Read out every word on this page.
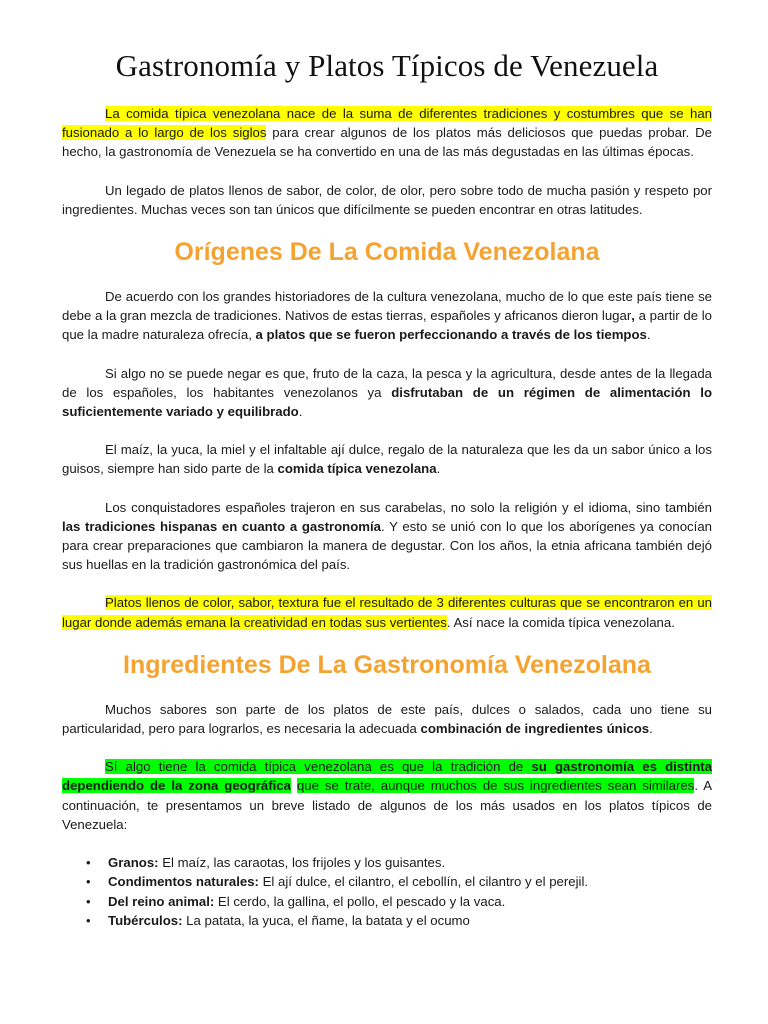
Gastronomía y Platos Típicos de Venezuela

La comida típica venezolana nace de la suma de diferentes tradiciones y costumbres que se han fusionado a lo largo de los siglos para crear algunos de los platos más deliciosos que puedas probar. De hecho, la gastronomía de Venezuela se ha convertido en una de las más degustadas en las últimas épocas.

Un legado de platos llenos de sabor, de color, de olor, pero sobre todo de mucha pasión y respeto por ingredientes. Muchas veces son tan únicos que difícilmente se pueden encontrar en otras latitudes.

Orígenes De La Comida Venezolana

De acuerdo con los grandes historiadores de la cultura venezolana, mucho de lo que este país tiene se debe a la gran mezcla de tradiciones. Nativos de estas tierras, españoles y africanos dieron lugar, a partir de lo que la madre naturaleza ofrecía, a platos que se fueron perfeccionando a través de los tiempos.

Si algo no se puede negar es que, fruto de la caza, la pesca y la agricultura, desde antes de la llegada de los españoles, los habitantes venezolanos ya disfrutaban de un régimen de alimentación lo suficientemente variado y equilibrado.

El maíz, la yuca, la miel y el infaltable ají dulce, regalo de la naturaleza que les da un sabor único a los guisos, siempre han sido parte de la comida típica venezolana.

Los conquistadores españoles trajeron en sus carabelas, no solo la religión y el idioma, sino también las tradiciones hispanas en cuanto a gastronomía. Y esto se unió con lo que los aborígenes ya conocían para crear preparaciones que cambiaron la manera de degustar. Con los años, la etnia africana también dejó sus huellas en la tradición gastronómica del país.

Platos llenos de color, sabor, textura fue el resultado de 3 diferentes culturas que se encontraron en un lugar donde además emana la creatividad en todas sus vertientes. Así nace la comida típica venezolana.

Ingredientes De La Gastronomía Venezolana

Muchos sabores son parte de los platos de este país, dulces o salados, cada uno tiene su particularidad, pero para lograrlos, es necesaria la adecuada combinación de ingredientes únicos.

Sí algo tiene la comida típica venezolana es que la tradición de su gastronomía es distinta dependiendo de la zona geográfica que se trate, aunque muchos de sus ingredientes sean similares. A continuación, te presentamos un breve listado de algunos de los más usados en los platos típicos de Venezuela:

• Granos: El maíz, las caraotas, los frijoles y los guisantes.
• Condimentos naturales: El ají dulce, el cilantro, el cebollín, el cilantro y el perejil.
• Del reino animal: El cerdo, la gallina, el pollo, el pescado y la vaca.
• Tubérculos: La patata, la yuca, el ñame, la batata y el ocumo
